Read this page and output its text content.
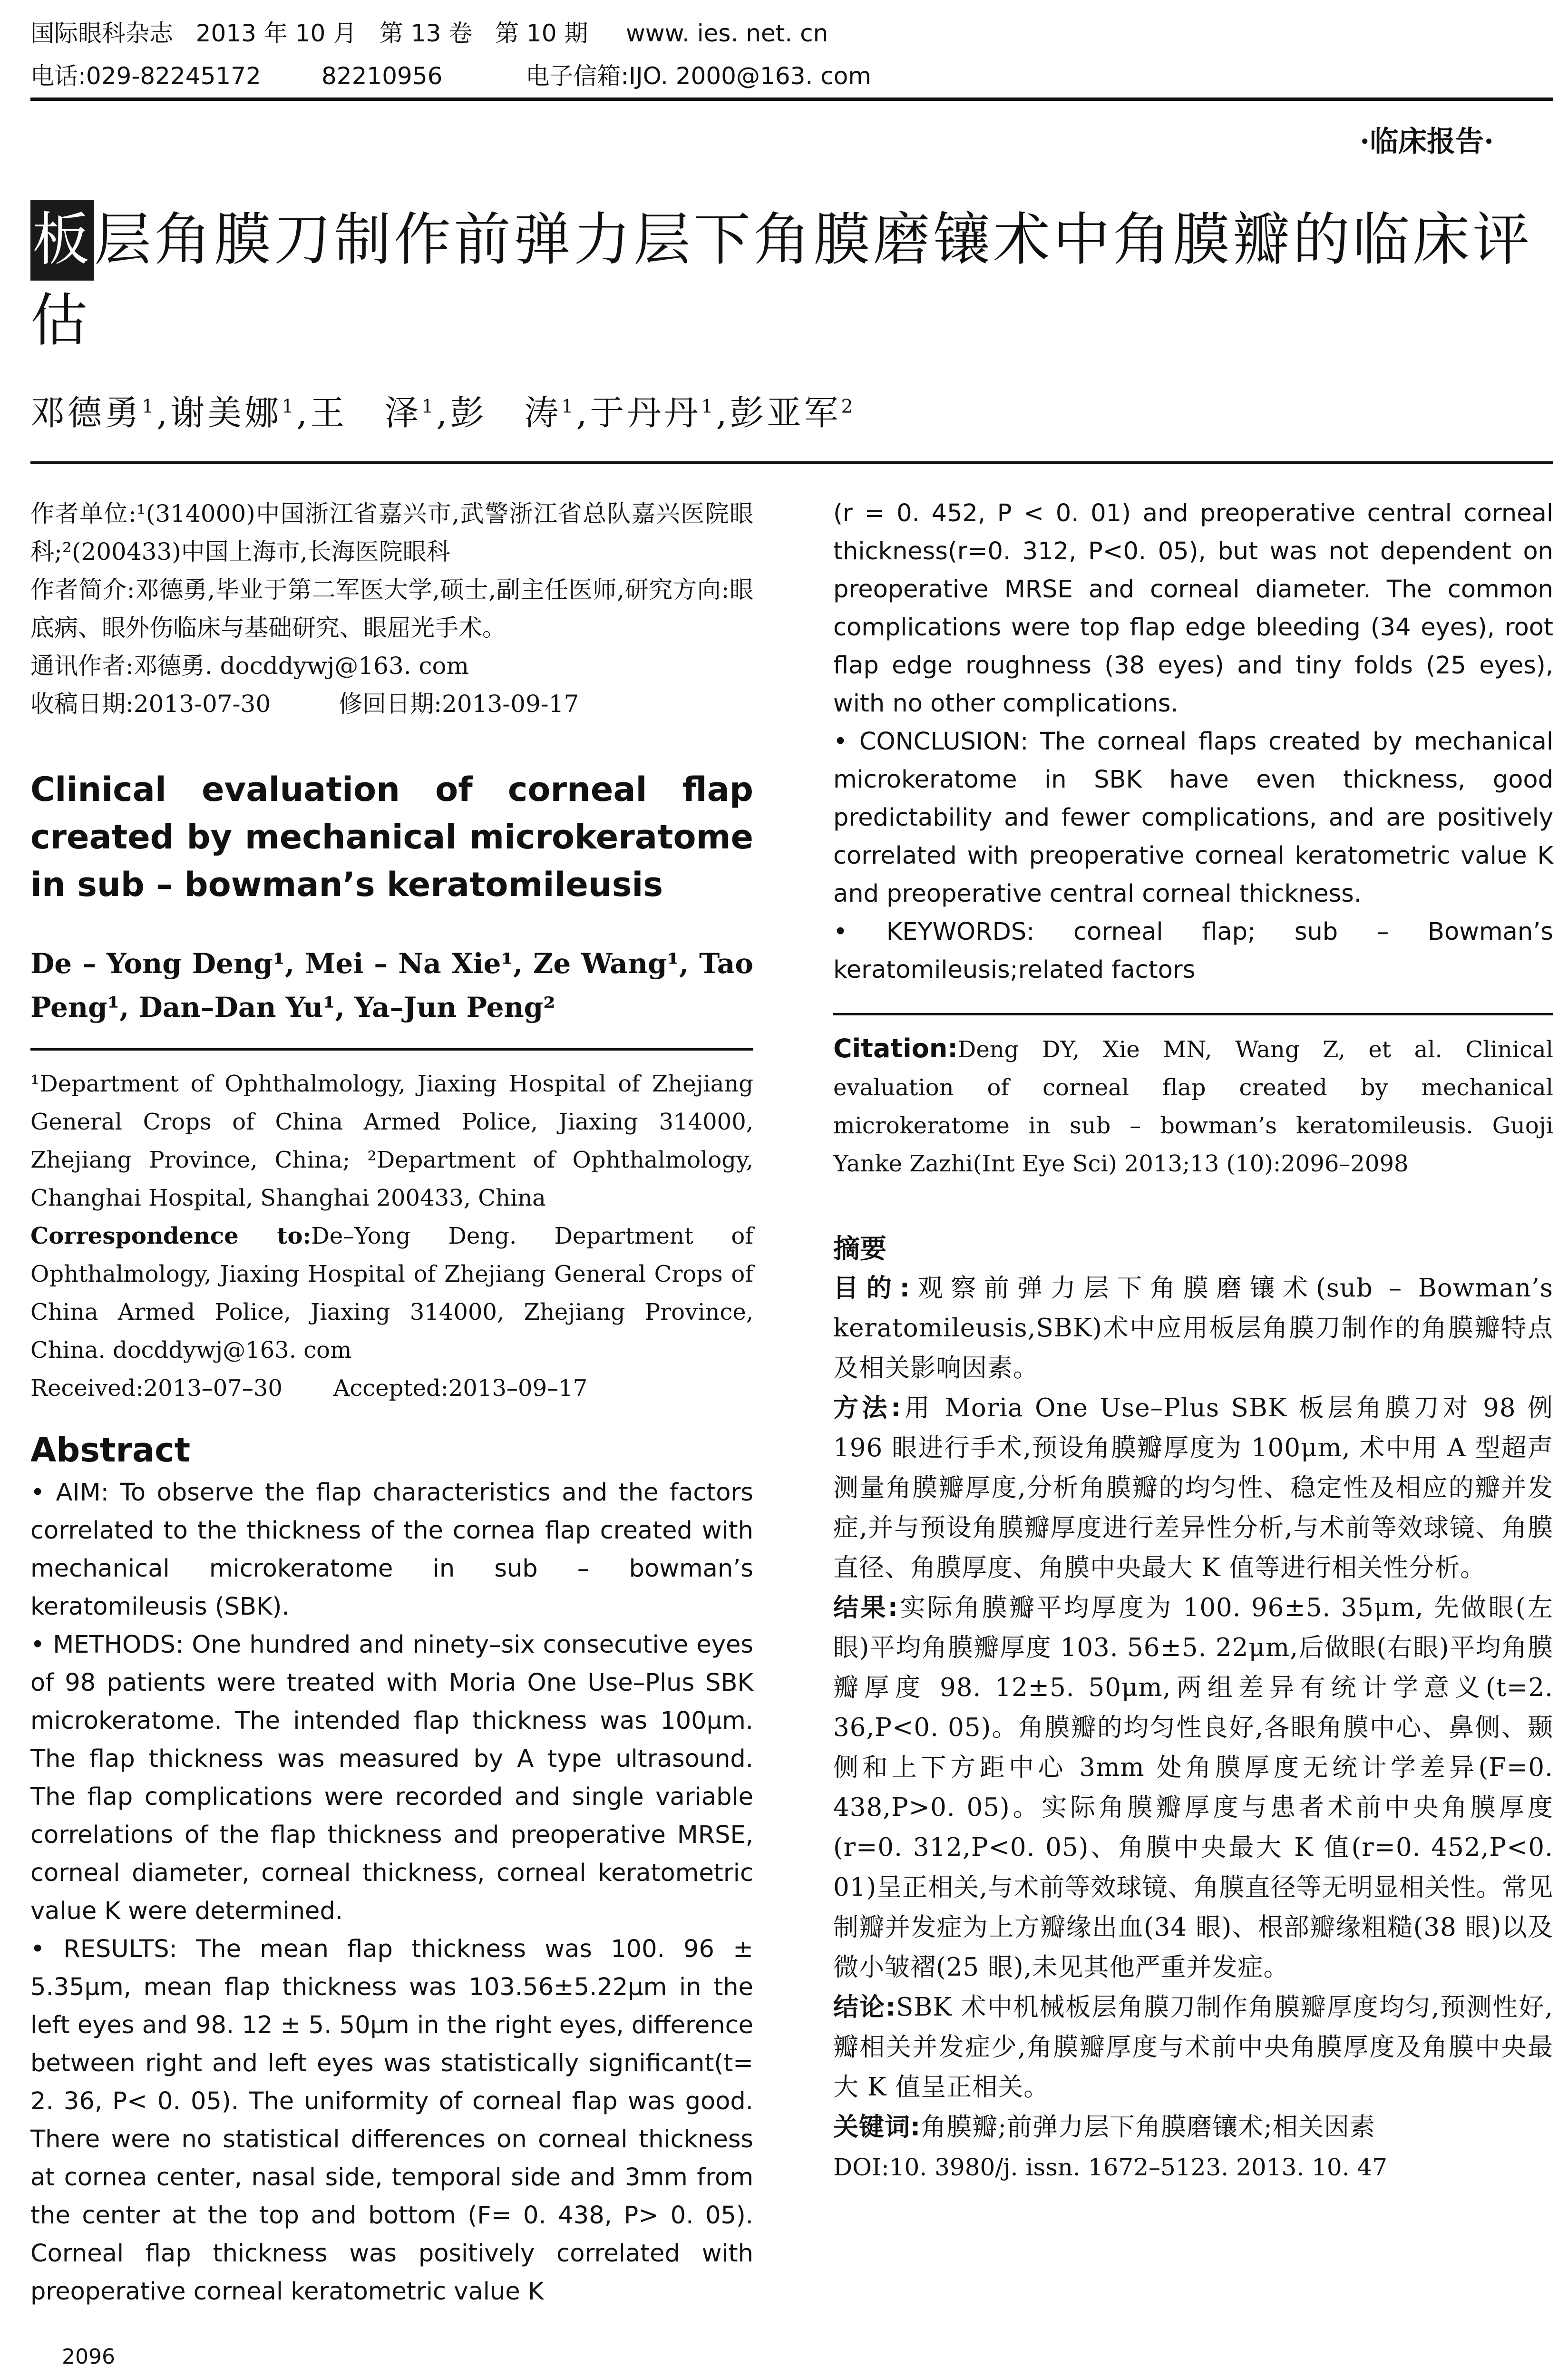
国际眼科杂志   2013 年 10 月   第 13 卷   第 10 期     www. ies. net. cn
电话:029-82245172        82210956           电子信箱:IJO. 2000@163. com
·临床报告·
板层角膜刀制作前弹力层下角膜磨镶术中角膜瓣的临床评估
邓德勇$^1$,谢美娜$^1$,王　泽$^1$,彭　涛$^1$,于丹丹$^1$,彭亚军$^2$
作者单位:¹(314000)中国浙江省嘉兴市,武警浙江省总队嘉兴医院眼科;²(200433)中国上海市,长海医院眼科
作者简介:邓德勇,毕业于第二军医大学,硕士,副主任医师,研究方向:眼底病、眼外伤临床与基础研究、眼屈光手术。
通讯作者:邓德勇. docddywj@163. com
收稿日期:2013-07-30         修回日期:2013-09-17
Clinical evaluation of corneal flap created by mechanical microkeratome in sub – bowman’s keratomileusis
De – Yong Deng¹, Mei – Na Xie¹, Ze Wang¹, Tao Peng¹, Dan–Dan Yu¹, Ya–Jun Peng²
¹Department of Ophthalmology, Jiaxing Hospital of Zhejiang General Crops of China Armed Police, Jiaxing 314000, Zhejiang Province, China; ²Department of Ophthalmology, Changhai Hospital, Shanghai 200433, China
Correspondence to:De–Yong Deng. Department of Ophthalmology, Jiaxing Hospital of Zhejiang General Crops of China Armed Police, Jiaxing 314000, Zhejiang Province, China. docddywj@163. com
Received:2013–07–30       Accepted:2013–09–17
Abstract
• AIM: To observe the flap characteristics and the factors correlated to the thickness of the cornea flap created with mechanical microkeratome in sub – bowman’s keratomileusis (SBK).
• METHODS: One hundred and ninety–six consecutive eyes of 98 patients were treated with Moria One Use–Plus SBK microkeratome. The intended flap thickness was 100μm. The flap thickness was measured by A type ultrasound. The flap complications were recorded and single variable correlations of the flap thickness and preoperative MRSE, corneal diameter, corneal thickness, corneal keratometric value K were determined.
• RESULTS: The mean flap thickness was 100. 96 ± 5.35μm, mean flap thickness was 103.56±5.22μm in the left eyes and 98. 12 ± 5. 50μm in the right eyes, difference between right and left eyes was statistically significant(t= 2. 36, P< 0. 05). The uniformity of corneal flap was good. There were no statistical differences on corneal thickness at cornea center, nasal side, temporal side and 3mm from the center at the top and bottom (F= 0. 438, P> 0. 05). Corneal flap thickness was positively correlated with preoperative corneal keratometric value K
(r = 0. 452, P < 0. 01) and preoperative central corneal thickness(r=0. 312, P<0. 05), but was not dependent on preoperative MRSE and corneal diameter. The common complications were top flap edge bleeding (34 eyes), root flap edge roughness (38 eyes) and tiny folds (25 eyes), with no other complications.
• CONCLUSION: The corneal flaps created by mechanical microkeratome in SBK have even thickness, good predictability and fewer complications, and are positively correlated with preoperative corneal keratometric value K and preoperative central corneal thickness.
• KEYWORDS: corneal flap; sub – Bowman’s keratomileusis;related factors
Citation:Deng DY, Xie MN, Wang Z, et al. Clinical evaluation of corneal flap created by mechanical microkeratome in sub – bowman’s keratomileusis. Guoji Yanke Zazhi(Int Eye Sci) 2013;13 (10):2096–2098
摘要
目的:观察前弹力层下角膜磨镶术(sub – Bowman’s keratomileusis,SBK)术中应用板层角膜刀制作的角膜瓣特点及相关影响因素。
方法:用 Moria One Use–Plus SBK 板层角膜刀对 98 例 196 眼进行手术,预设角膜瓣厚度为 100μm, 术中用 A 型超声测量角膜瓣厚度,分析角膜瓣的均匀性、稳定性及相应的瓣并发症,并与预设角膜瓣厚度进行差异性分析,与术前等效球镜、角膜直径、角膜厚度、角膜中央最大 K 值等进行相关性分析。
结果:实际角膜瓣平均厚度为 100. 96±5. 35μm, 先做眼(左眼)平均角膜瓣厚度 103. 56±5. 22μm,后做眼(右眼)平均角膜瓣厚度 98. 12±5. 50μm,两组差异有统计学意义(t=2. 36,P<0. 05)。角膜瓣的均匀性良好,各眼角膜中心、鼻侧、颞侧和上下方距中心 3mm 处角膜厚度无统计学差异(F=0. 438,P>0. 05)。实际角膜瓣厚度与患者术前中央角膜厚度(r=0. 312,P<0. 05)、角膜中央最大 K 值(r=0. 452,P<0. 01)呈正相关,与术前等效球镜、角膜直径等无明显相关性。常见制瓣并发症为上方瓣缘出血(34 眼)、根部瓣缘粗糙(38 眼)以及微小皱褶(25 眼),未见其他严重并发症。
结论:SBK 术中机械板层角膜刀制作角膜瓣厚度均匀,预测性好,瓣相关并发症少,角膜瓣厚度与术前中央角膜厚度及角膜中央最大 K 值呈正相关。
关键词:角膜瓣;前弹力层下角膜磨镶术;相关因素
DOI:10. 3980/j. issn. 1672–5123. 2013. 10. 47
2096
